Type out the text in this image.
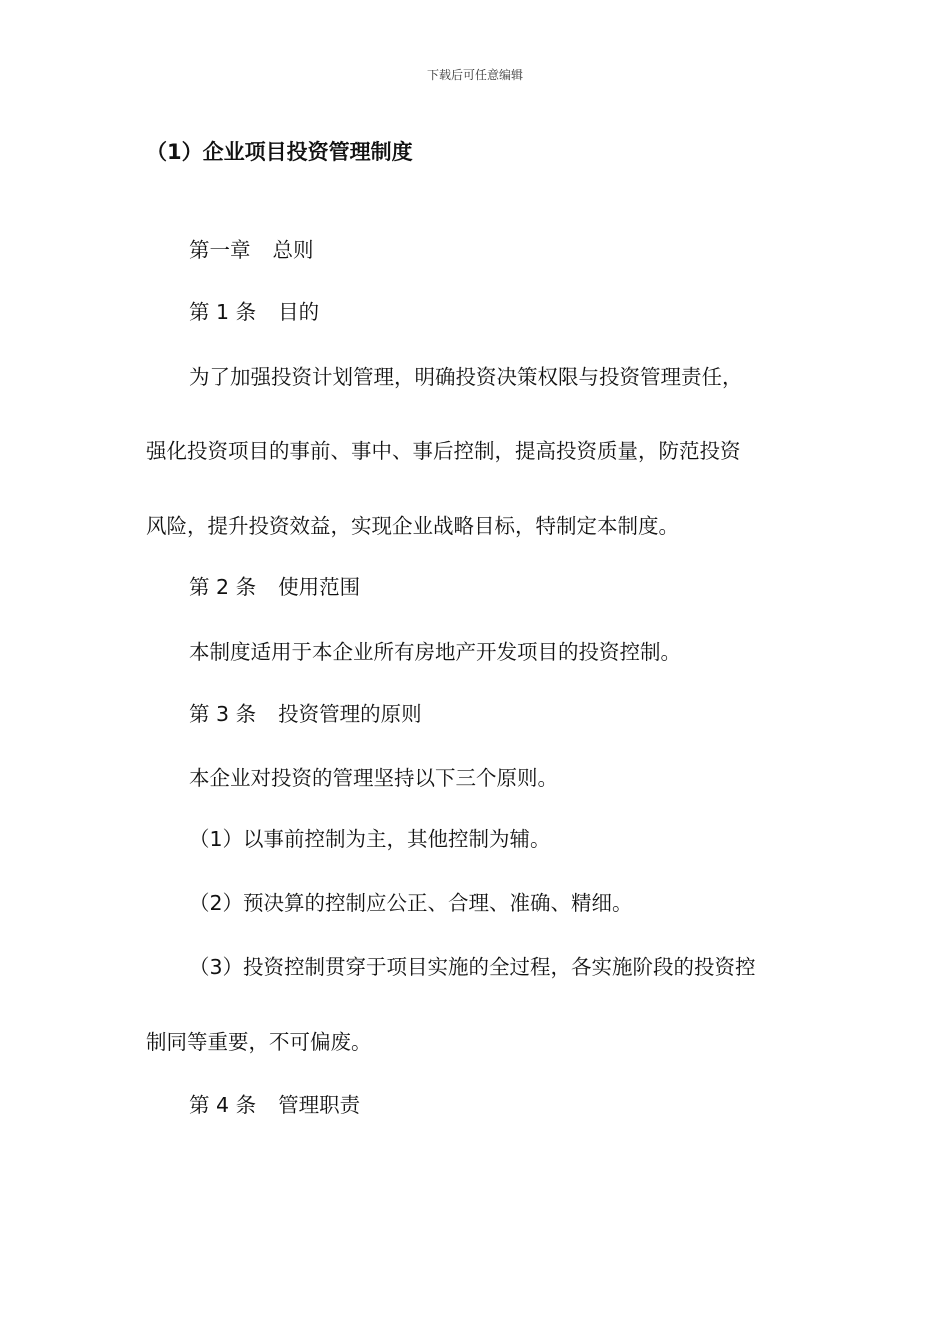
下载后可任意编辑
（1）企业项目投资管理制度

第一章 总则

第 1 条 目的

为了加强投资计划管理，明确投资决策权限与投资管理责任，

强化投资项目的事前、事中、事后控制，提高投资质量，防范投资

风险，提升投资效益，实现企业战略目标，特制定本制度。

第 2 条 使用范围

本制度适用于本企业所有房地产开发项目的投资控制。

第 3 条 投资管理的原则

本企业对投资的管理坚持以下三个原则。

（1）以事前控制为主，其他控制为辅。

（2）预决算的控制应公正、合理、准确、精细。

（3）投资控制贯穿于项目实施的全过程，各实施阶段的投资控

制同等重要，不可偏废。

第 4 条 管理职责
